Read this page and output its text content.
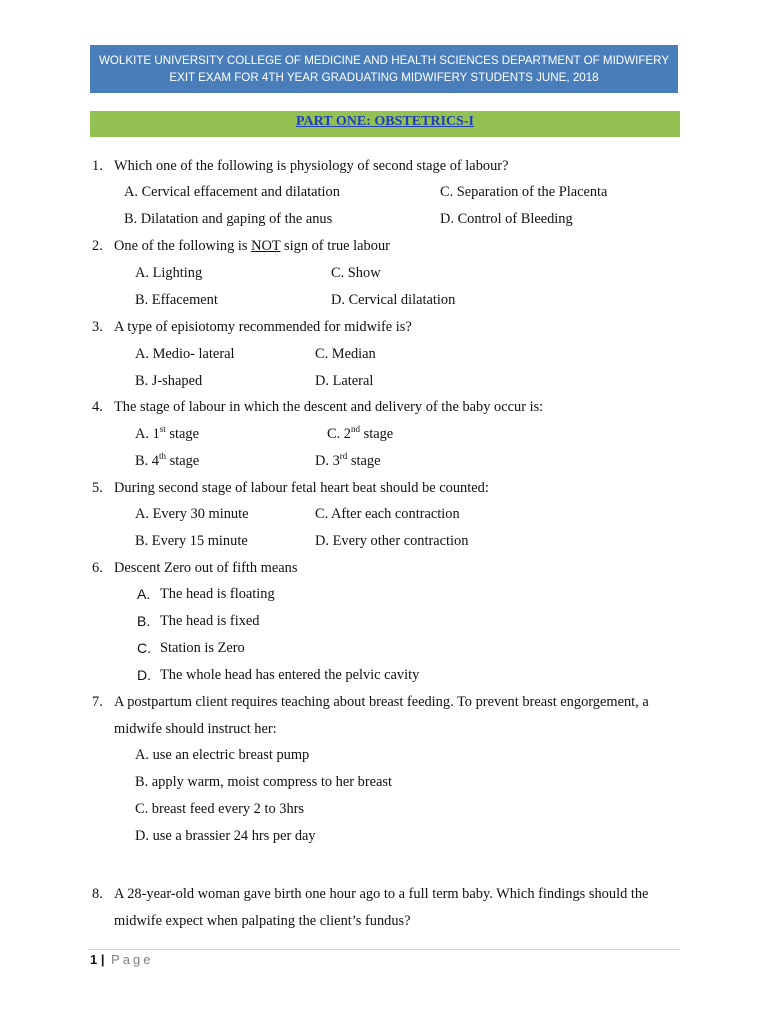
WOLKITE UNIVERSITY COLLEGE OF MEDICINE AND HEALTH SCIENCES DEPARTMENT OF MIDWIFERY
EXIT EXAM FOR 4TH YEAR GRADUATING MIDWIFERY STUDENTS JUNE, 2018
PART ONE: OBSTETRICS-I
1. Which one of the following is physiology of second stage of labour?
A. Cervical effacement and dilatation
B. Dilatation and gaping of the anus
C. Separation of the Placenta
D. Control of Bleeding
2. One of the following is NOT sign of true labour
A. Lighting
B. Effacement
C. Show
D. Cervical dilatation
3. A type of episiotomy recommended for midwife is?
A. Medio- lateral
B. J-shaped
C. Median
D. Lateral
4. The stage of labour in which the descent and delivery of the baby occur is:
A. 1st stage
B. 4th stage
C. 2nd stage
D. 3rd stage
5. During second stage of labour fetal heart beat should be counted:
A. Every 30 minute
B. Every 15 minute
C. After each contraction
D. Every other contraction
6. Descent Zero out of fifth means
A. The head is floating
B. The head is fixed
C. Station is Zero
D. The whole head has entered the pelvic cavity
7. A postpartum client requires teaching about breast feeding. To prevent breast engorgement, a
midwife should instruct her:
A. use an electric breast pump
B. apply warm, moist compress to her breast
C. breast feed every 2 to 3hrs
D. use a brassier 24 hrs per day
8. A 28-year-old woman gave birth one hour ago to a full term baby. Which findings should the
midwife expect when palpating the client’s fundus?
1 | Page
